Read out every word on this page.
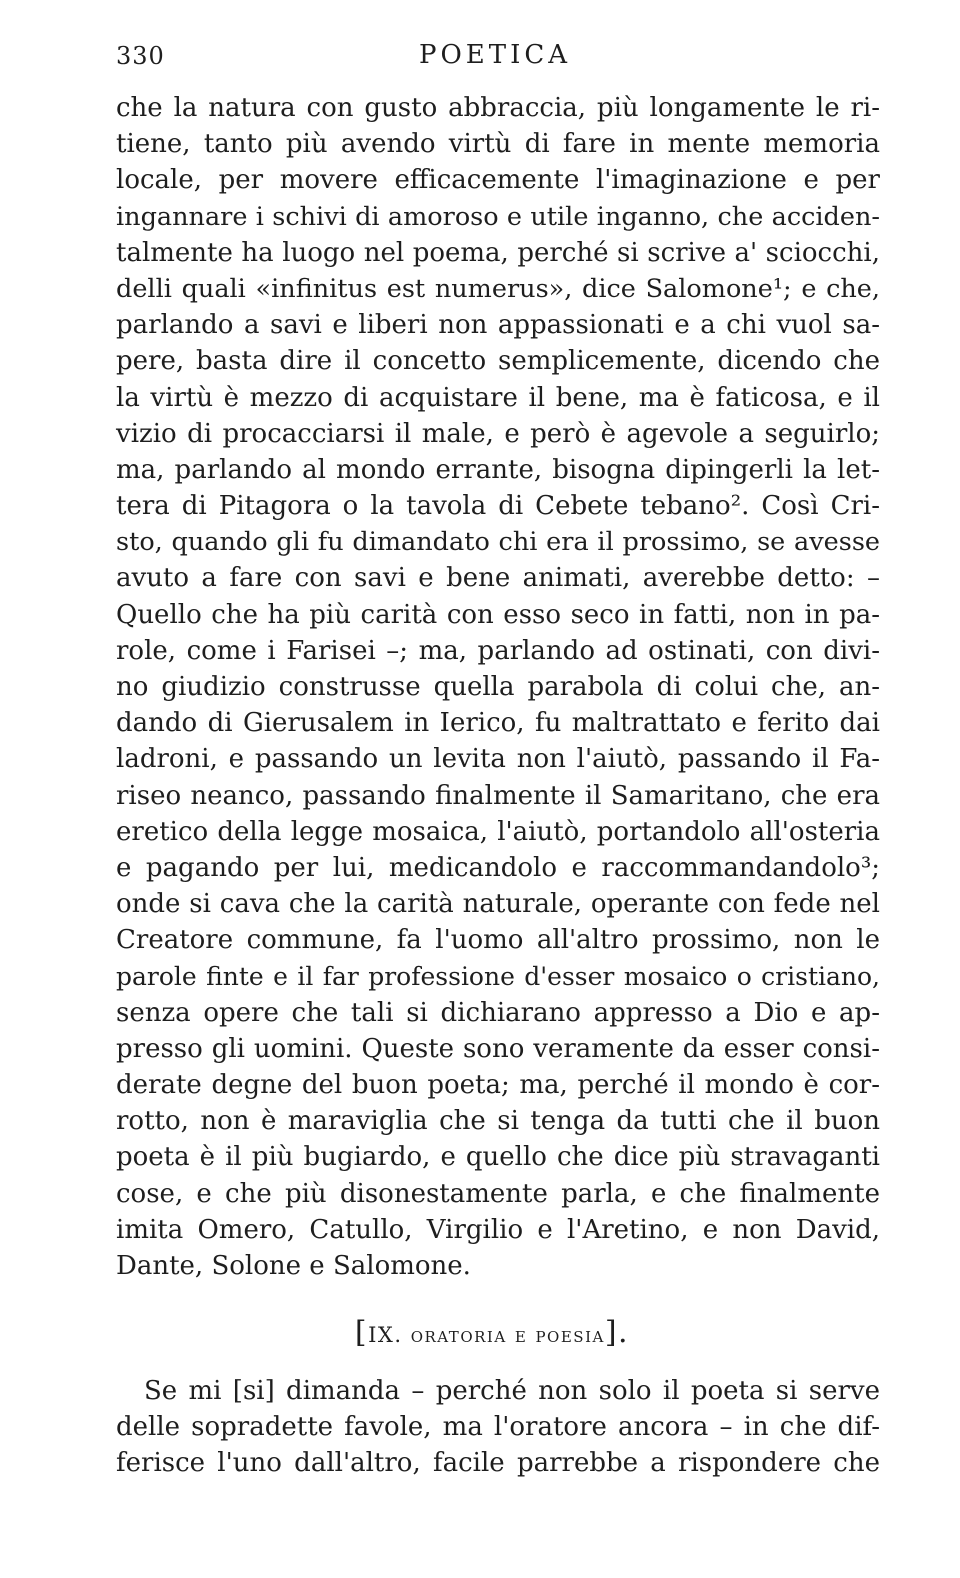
330	POETICA
che la natura con gusto abbraccia, più longamente le ri-
tiene, tanto più avendo virtù di fare in mente memoria
locale, per movere efficacemente l'imaginazione e per
ingannare i schivi di amoroso e utile inganno, che acciden-
talmente ha luogo nel poema, perché si scrive a' sciocchi,
delli quali «infinitus est numerus», dice Salomone¹; e che,
parlando a savi e liberi non appassionati e a chi vuol sa-
pere, basta dire il concetto semplicemente, dicendo che
la virtù è mezzo di acquistare il bene, ma è faticosa, e il
vizio di procacciarsi il male, e però è agevole a seguirlo;
ma, parlando al mondo errante, bisogna dipingerli la let-
tera di Pitagora o la tavola di Cebete tebano². Così Cri-
sto, quando gli fu dimandato chi era il prossimo, se avesse
avuto a fare con savi e bene animati, averebbe detto: –
Quello che ha più carità con esso seco in fatti, non in pa-
role, come i Farisei –; ma, parlando ad ostinati, con divi-
no giudizio construsse quella parabola di colui che, an-
dando di Gierusalem in Ierico, fu maltrattato e ferito dai
ladroni, e passando un levita non l'aiutò, passando il Fa-
riseo neanco, passando finalmente il Samaritano, che era
eretico della legge mosaica, l'aiutò, portandolo all'osteria
e pagando per lui, medicandolo e raccommandandolo³;
onde si cava che la carità naturale, operante con fede nel
Creatore commune, fa l'uomo all'altro prossimo, non le
parole finte e il far professione d'esser mosaico o cristiano,
senza opere che tali si dichiarano appresso a Dio e ap-
presso gli uomini. Queste sono veramente da esser consi-
derate degne del buon poeta; ma, perché il mondo è cor-
rotto, non è maraviglia che si tenga da tutti che il buon
poeta è il più bugiardo, e quello che dice più stravaganti
cose, e che più disonestamente parla, e che finalmente
imita Omero, Catullo, Virgilio e l'Aretino, e non David,
Dante, Solone e Salomone.
[IX. oratoria e poesia].
Se mi [si] dimanda – perché non solo il poeta si serve
delle sopradette favole, ma l'oratore ancora – in che dif-
ferisce l'uno dall'altro, facile parrebbe a rispondere che
